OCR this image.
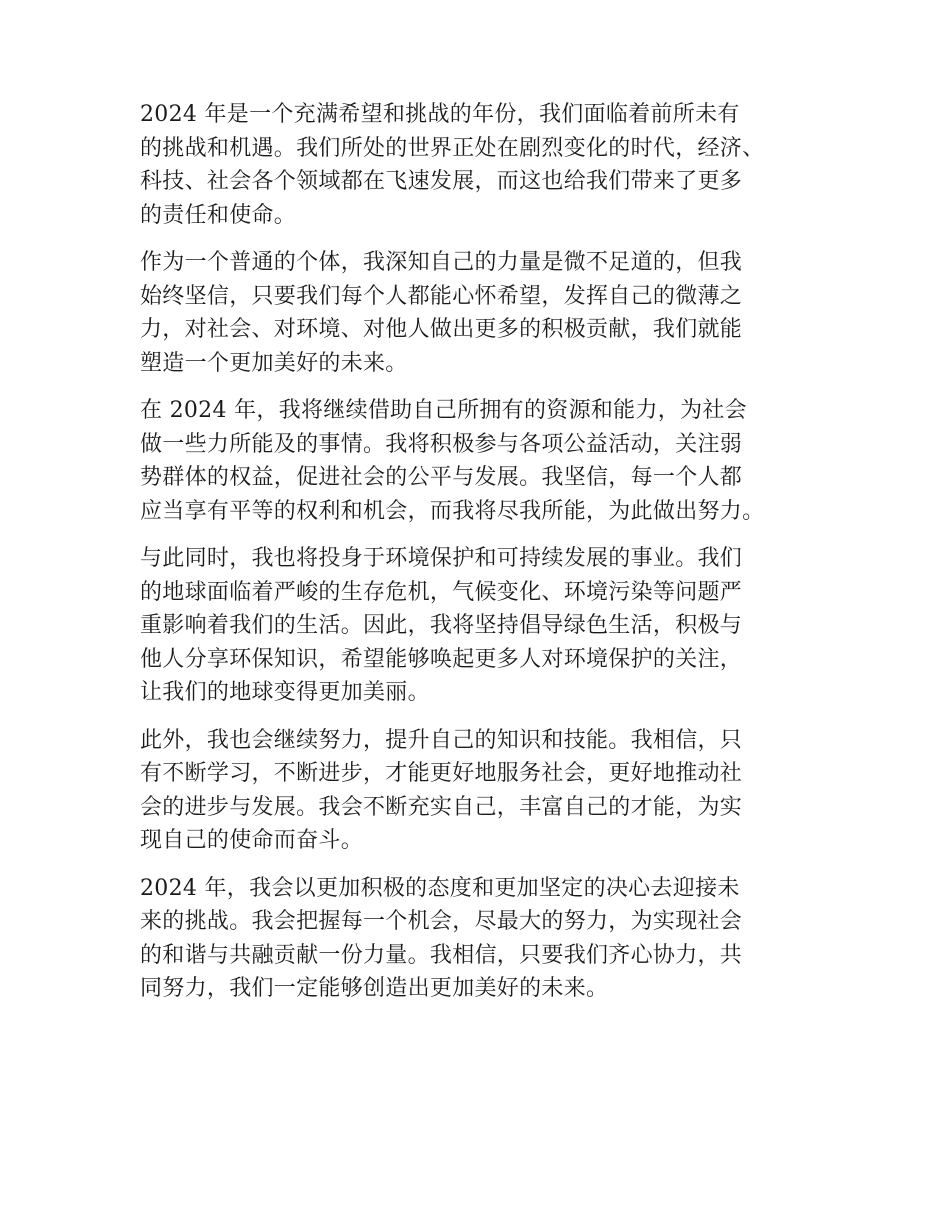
2024 年是一个充满希望和挑战的年份，我们面临着前所未有
的挑战和机遇。我们所处的世界正处在剧烈变化的时代，经济、
科技、社会各个领域都在飞速发展，而这也给我们带来了更多
的责任和使命。

作为一个普通的个体，我深知自己的力量是微不足道的，但我
始终坚信，只要我们每个人都能心怀希望，发挥自己的微薄之
力，对社会、对环境、对他人做出更多的积极贡献，我们就能
塑造一个更加美好的未来。

在 2024 年，我将继续借助自己所拥有的资源和能力，为社会
做一些力所能及的事情。我将积极参与各项公益活动，关注弱
势群体的权益，促进社会的公平与发展。我坚信，每一个人都
应当享有平等的权利和机会，而我将尽我所能，为此做出努力。

与此同时，我也将投身于环境保护和可持续发展的事业。我们
的地球面临着严峻的生存危机，气候变化、环境污染等问题严
重影响着我们的生活。因此，我将坚持倡导绿色生活，积极与
他人分享环保知识，希望能够唤起更多人对环境保护的关注，
让我们的地球变得更加美丽。

此外，我也会继续努力，提升自己的知识和技能。我相信，只
有不断学习，不断进步，才能更好地服务社会，更好地推动社
会的进步与发展。我会不断充实自己，丰富自己的才能，为实
现自己的使命而奋斗。

2024 年，我会以更加积极的态度和更加坚定的决心去迎接未
来的挑战。我会把握每一个机会，尽最大的努力，为实现社会
的和谐与共融贡献一份力量。我相信，只要我们齐心协力，共
同努力，我们一定能够创造出更加美好的未来。
